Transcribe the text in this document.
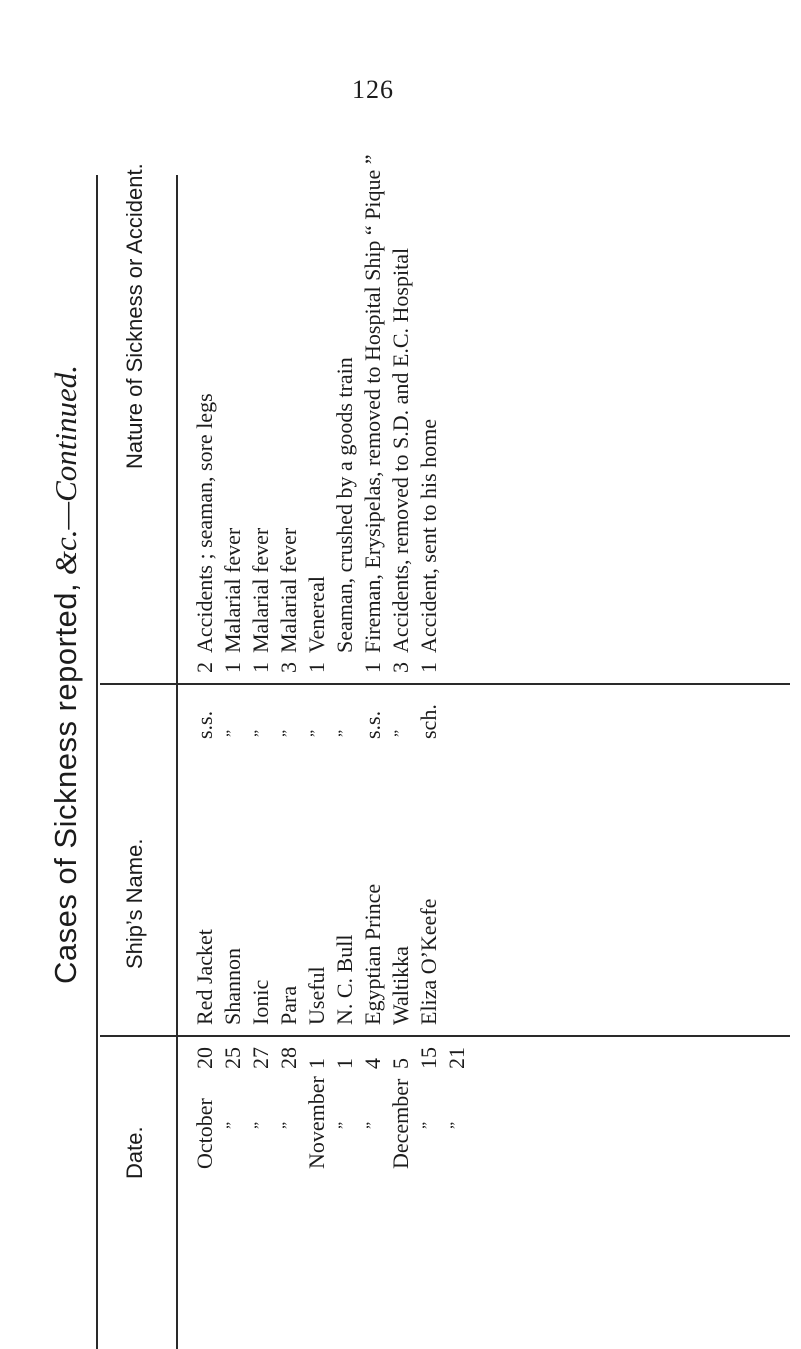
126
Cases of Sickness reported, &c.—Continued.
Date.
Ship’s Name.
Nature of Sickness or Accident.
October
20
Red Jacket
s.s.
2
Accidents ; seaman, sore legs
”
25
Shannon
”
1
Malarial fever
”
27
Ionic
”
1
Malarial fever
”
28
Para
”
3
Malarial fever
November
1
Useful
”
1
Venereal
”
1
N. C. Bull
”
Seaman, crushed by a goods train
”
4
Egyptian Prince
s.s.
1
Fireman, Erysipelas, removed to Hospital Ship “ Pique ”
December
5
Waltikka
”
3
Accidents, removed to S.D. and E.C. Hospital
”
15
Eliza O’Keefe
sch.
1
Accident, sent to his home
”
21
